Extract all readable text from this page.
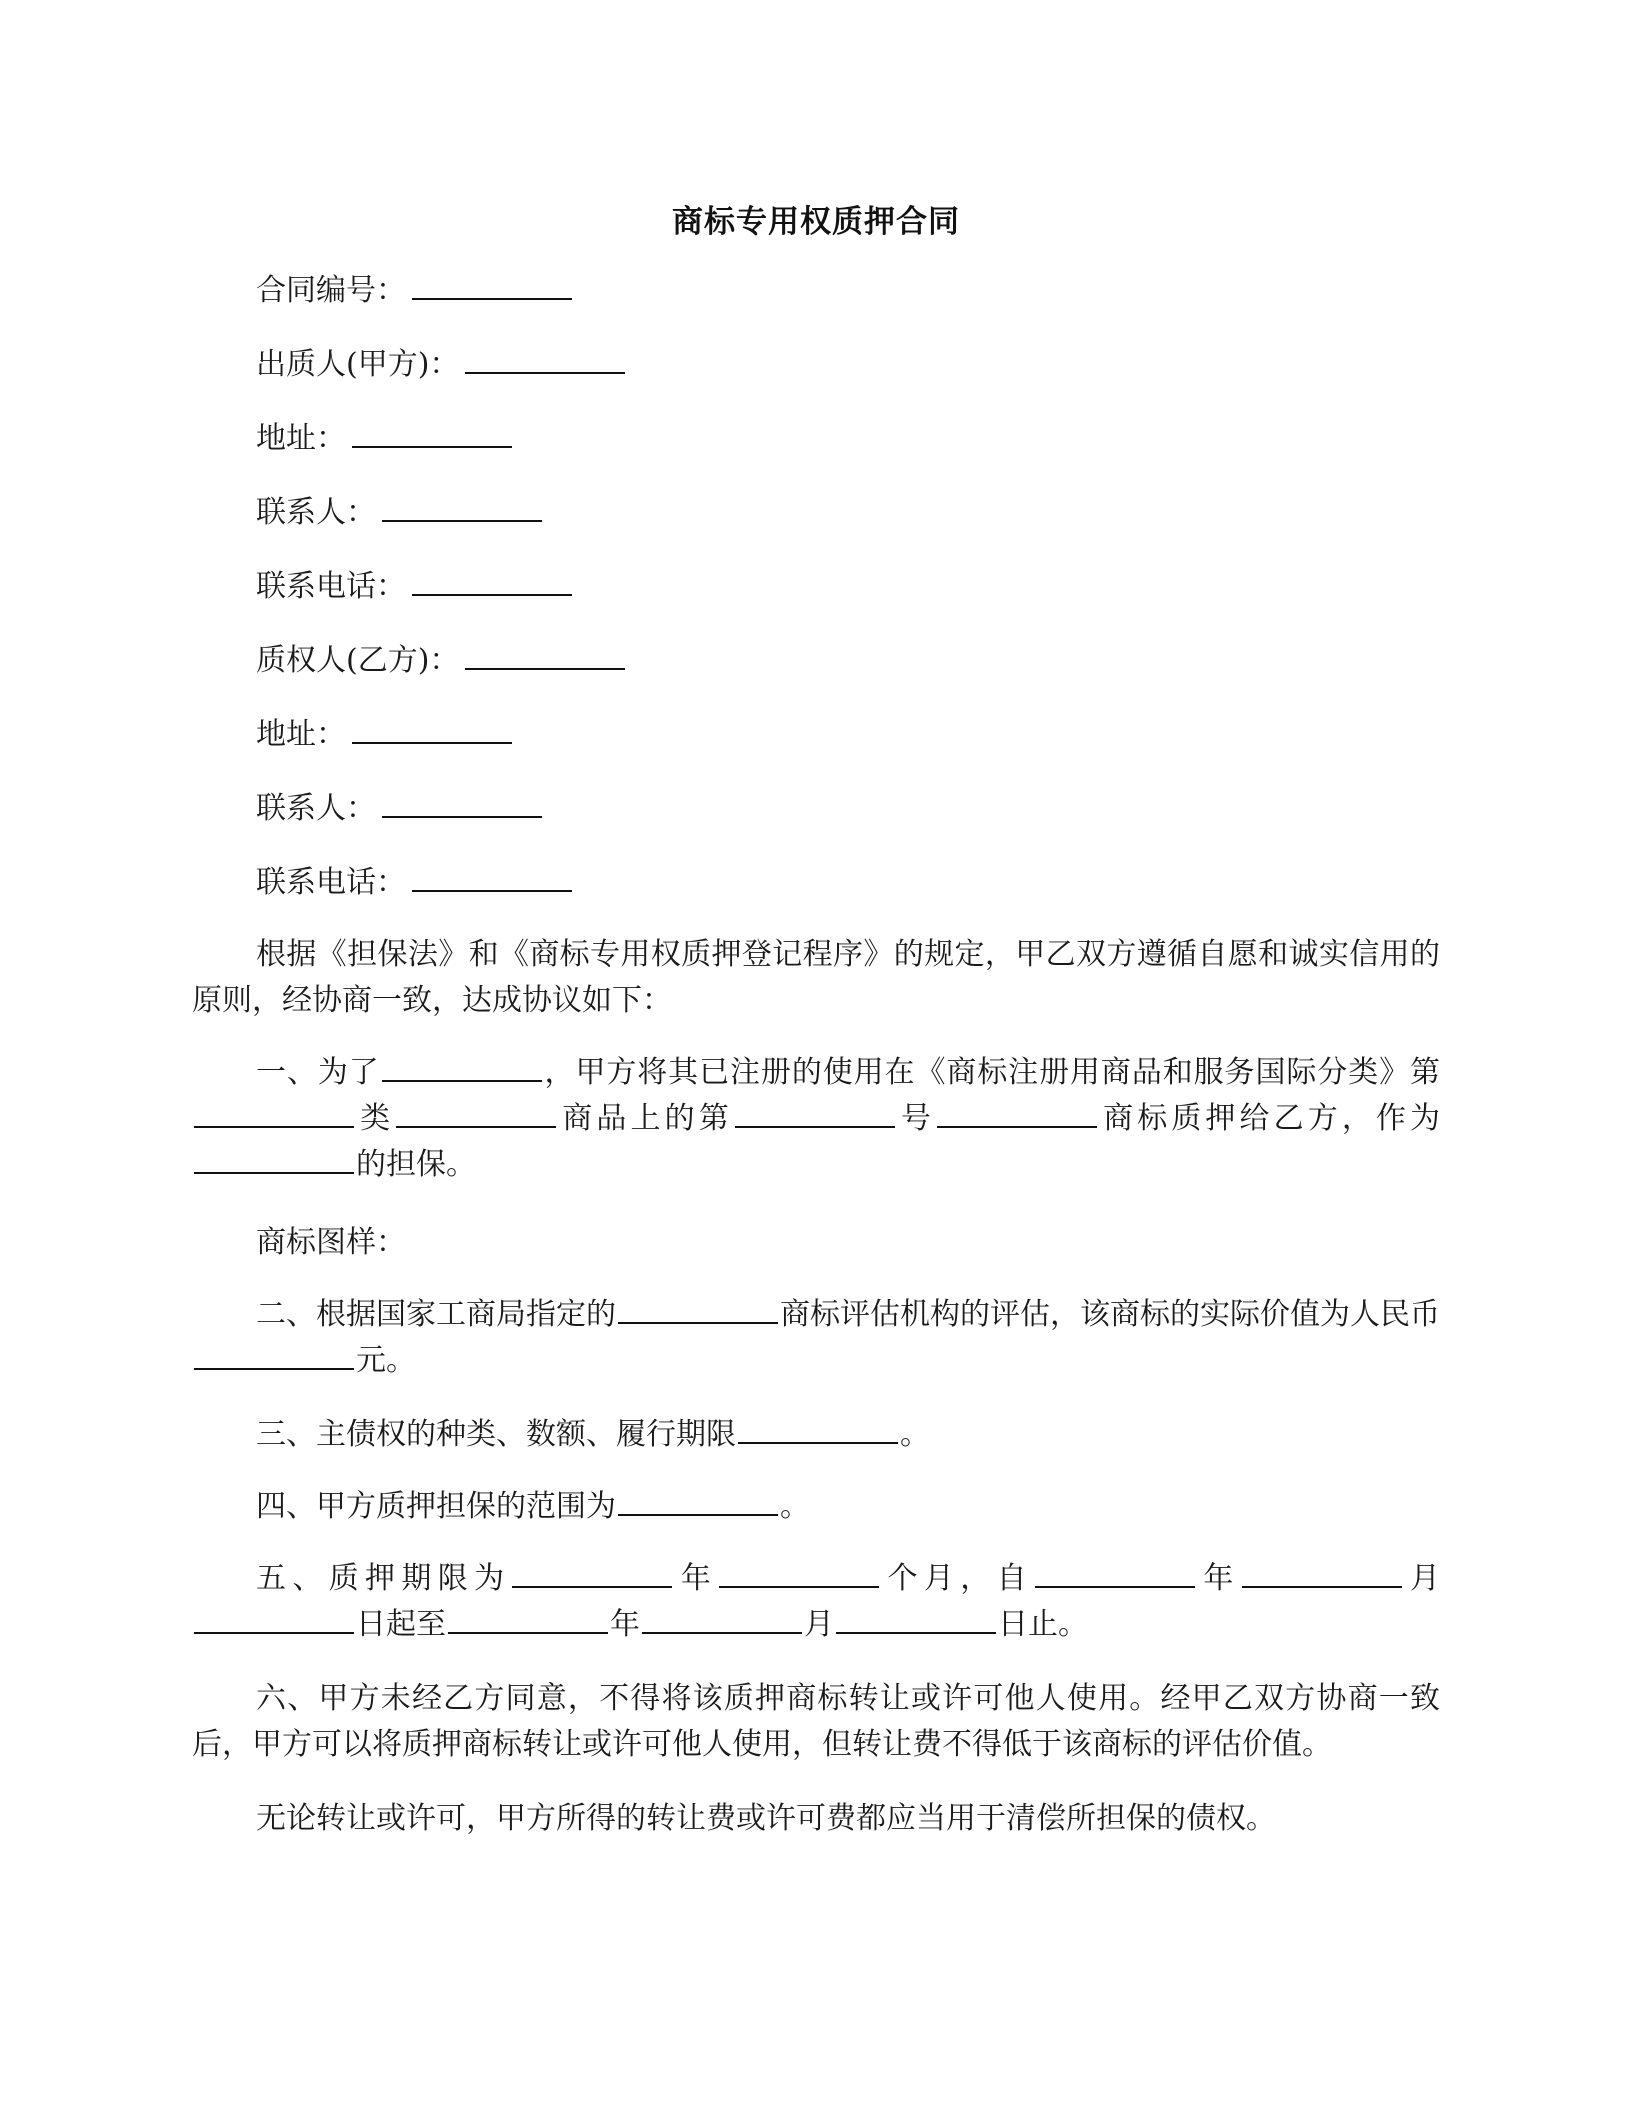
商标专用权质押合同
合同编号：
出质人(甲方)：
地址：
联系人：
联系电话：
质权人(乙方)：
地址：
联系人：
联系电话：
根据《担保法》和《商标专用权质押登记程序》的规定，甲乙双方遵循自愿和诚实信用的原则，经协商一致，达成协议如下：
一、为了	，甲方将其已注册的使用在《商标注册用商品和服务国际分类》第类	商品上的第	号	商标质押给乙方，作为的担保。
商标图样：
二、根据国家工商局指定的	商标评估机构的评估，该商标的实际价值为人民币元。
三、主债权的种类、数额、履行期限	。
四、甲方质押担保的范围为	。
五、质押期限为	年	个月，自	年	月日起至	年	月	日止。
六、甲方未经乙方同意，不得将该质押商标转让或许可他人使用。经甲乙双方协商一致后，甲方可以将质押商标转让或许可他人使用，但转让费不得低于该商标的评估价值。
无论转让或许可，甲方所得的转让费或许可费都应当用于清偿所担保的债权。
